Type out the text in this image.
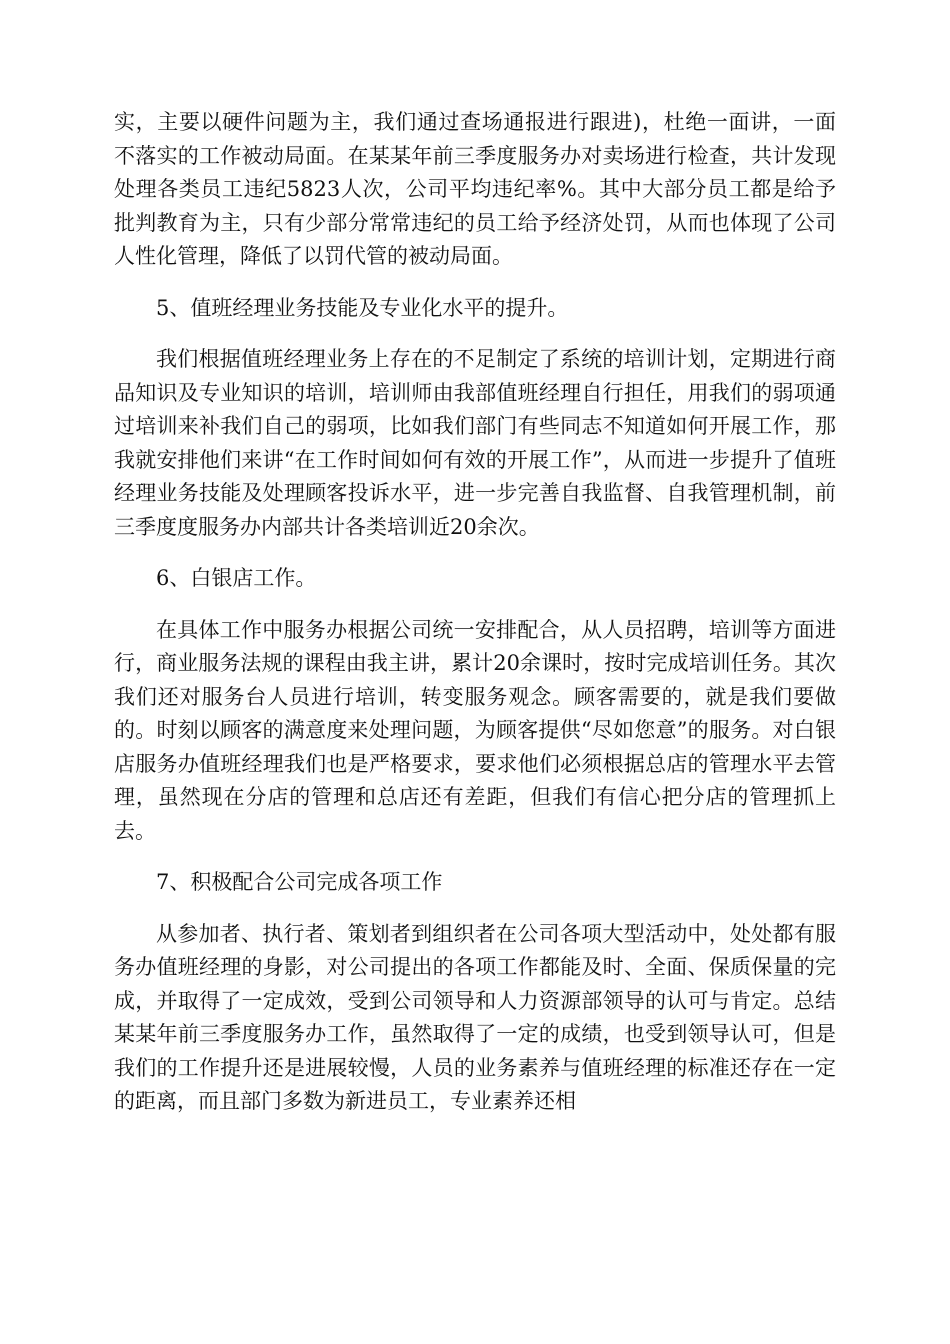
实，主要以硬件问题为主，我们通过查场通报进行跟进)，杜绝一面讲，一面不落实的工作被动局面。在某某年前三季度服务办对卖场进行检查，共计发现处理各类员工违纪5823人次，公司平均违纪率%。其中大部分员工都是给予批判教育为主，只有少部分常常违纪的员工给予经济处罚，从而也体现了公司人性化管理，降低了以罚代管的被动局面。

5、值班经理业务技能及专业化水平的提升。

我们根据值班经理业务上存在的不足制定了系统的培训计划，定期进行商品知识及专业知识的培训，培训师由我部值班经理自行担任，用我们的弱项通过培训来补我们自己的弱项，比如我们部门有些同志不知道如何开展工作，那我就安排他们来讲“在工作时间如何有效的开展工作”，从而进一步提升了值班经理业务技能及处理顾客投诉水平，进一步完善自我监督、自我管理机制，前三季度度服务办内部共计各类培训近20余次。

6、白银店工作。

在具体工作中服务办根据公司统一安排配合，从人员招聘，培训等方面进行，商业服务法规的课程由我主讲，累计20余课时，按时完成培训任务。其次我们还对服务台人员进行培训，转变服务观念。顾客需要的，就是我们要做的。时刻以顾客的满意度来处理问题，为顾客提供“尽如您意”的服务。对白银店服务办值班经理我们也是严格要求，要求他们必须根据总店的管理水平去管理，虽然现在分店的管理和总店还有差距，但我们有信心把分店的管理抓上去。

7、积极配合公司完成各项工作

从参加者、执行者、策划者到组织者在公司各项大型活动中，处处都有服务办值班经理的身影，对公司提出的各项工作都能及时、全面、保质保量的完成，并取得了一定成效，受到公司领导和人力资源部领导的认可与肯定。总结某某年前三季度服务办工作，虽然取得了一定的成绩，也受到领导认可，但是我们的工作提升还是进展较慢，人员的业务素养与值班经理的标准还存在一定的距离，而且部门多数为新进员工，专业素养还相
